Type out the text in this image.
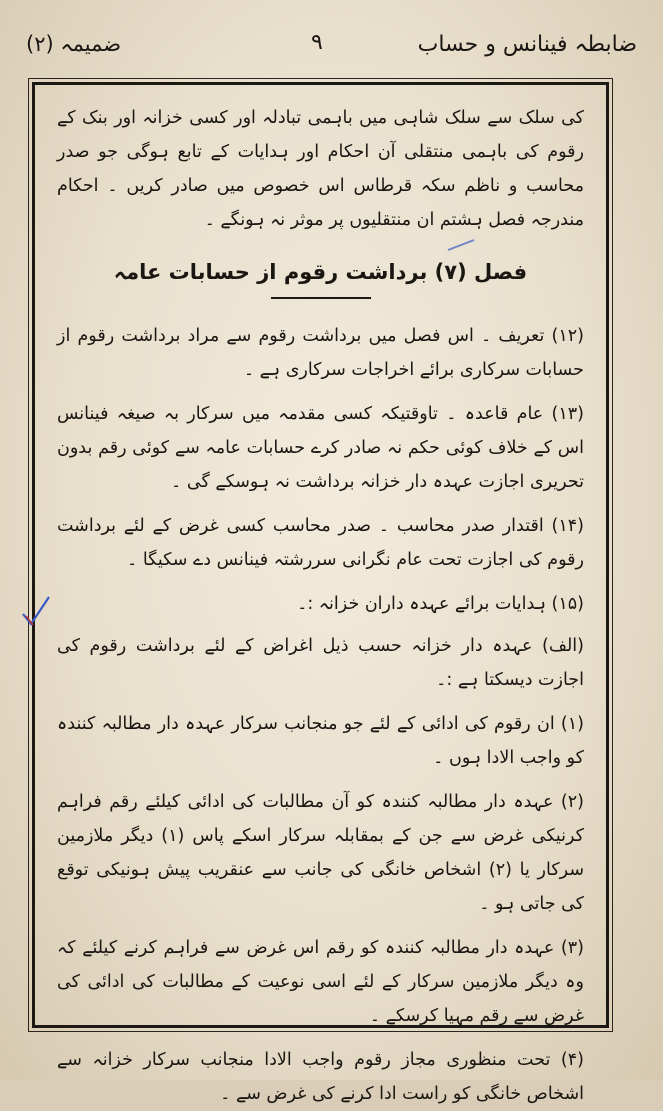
ضمیمہ (۲)	۹	ضابطہ فینانس و حساب

کی سلک سے سلک شاہی میں باہمی تبادلہ اور کسی خزانہ اور بنک کے رقوم کی باہمی منتقلی آن احکام اور ہدایات کے تابع ہوگی جو صدر محاسب و ناظم سکہ قرطاس اس خصوص میں صادر کریں ۔ احکام مندرجہ فصل ہشتم ان منتقلیوں پر موثر نہ ہونگے ۔

فصل (۷) برداشت رقوم از حسابات عامہ

(۱۲) تعریف ۔ اس فصل میں برداشت رقوم سے مراد برداشت رقوم از حسابات سرکاری برائے اخراجات سرکاری ہے ۔

(۱۳) عام قاعدہ ۔ تاوقتیکہ کسی مقدمہ میں سرکار بہ صیغہ فینانس اس کے خلاف کوئی حکم نہ صادر کرے حسابات عامہ سے کوئی رقم بدون تحریری اجازت عہدہ دار خزانہ برداشت نہ ہوسکے گی ۔

(۱۴) اقتدار صدر محاسب ۔ صدر محاسب کسی غرض کے لئے برداشت رقوم کی اجازت تحت عام نگرانی سررشتہ فینانس دے سکیگا ۔

(۱۵) ہدایات برائے عہدہ داران خزانہ :۔

(الف) عہدہ دار خزانہ حسب ذیل اغراض کے لئے برداشت رقوم کی اجازت دیسکتا ہے :۔

(۱) ان رقوم کی ادائی کے لئے جو منجانب سرکار عہدہ دار مطالبہ کنندہ کو واجب الادا ہوں ۔

(۲) عہدہ دار مطالبہ کنندہ کو آن مطالبات کی ادائی کیلئے رقم فراہم کرنیکی غرض سے جن کے بمقابلہ سرکار اسکے پاس (۱) دیگر ملازمین سرکار یا (۲) اشخاص خانگی کی جانب سے عنقریب پیش ہونیکی توقع کی جاتی ہو ۔

(۳) عہدہ دار مطالبہ کنندہ کو رقم اس غرض سے فراہم کرنے کیلئے کہ وہ دیگر ملازمین سرکار کے لئے اسی نوعیت کے مطالبات کی ادائی کی غرض سے رقم مہیا کرسکے ۔

(۴) تحت منظوری مجاز رقوم واجب الادا منجانب سرکار خزانہ سے اشخاص خانگی کو راست ادا کرنے کی غرض سے ۔
